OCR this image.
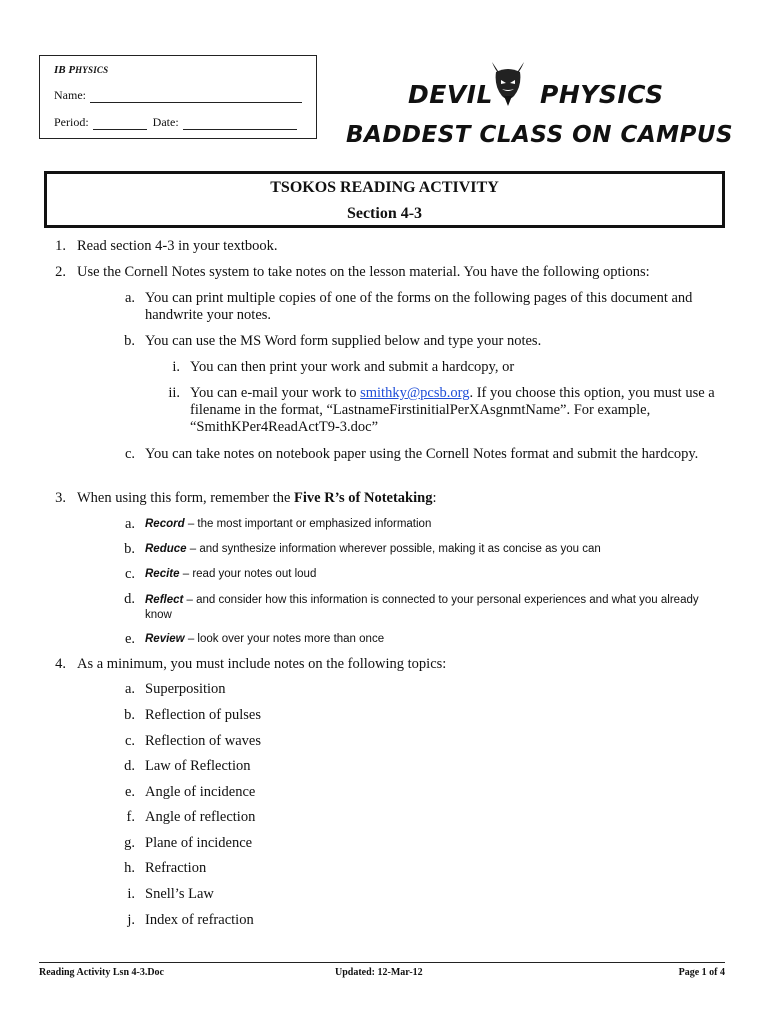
IB PHYSICS
Name:
Period:	Date:
DEVIL PHYSICS
BADDEST CLASS ON CAMPUS
TSOKOS READING ACTIVITY
Section 4-3
1. Read section 4-3 in your textbook.
2. Use the Cornell Notes system to take notes on the lesson material. You have the following options:
a. You can print multiple copies of one of the forms on the following pages of this document and handwrite your notes.
b. You can use the MS Word form supplied below and type your notes.
i. You can then print your work and submit a hardcopy, or
ii. You can e-mail your work to smithky@pcsb.org. If you choose this option, you must use a filename in the format, “LastnameFirstinitialPerXAsgnmtName”. For example, “SmithKPer4ReadActT9-3.doc”
c. You can take notes on notebook paper using the Cornell Notes format and submit the hardcopy.
3. When using this form, remember the Five R’s of Notetaking:
a. Record – the most important or emphasized information
b. Reduce – and synthesize information wherever possible, making it as concise as you can
c. Recite – read your notes out loud
d. Reflect – and consider how this information is connected to your personal experiences and what you already know
e. Review – look over your notes more than once
4. As a minimum, you must include notes on the following topics:
a. Superposition
b. Reflection of pulses
c. Reflection of waves
d. Law of Reflection
e. Angle of incidence
f. Angle of reflection
g. Plane of incidence
h. Refraction
i. Snell’s Law
j. Index of refraction
Reading Activity Lsn 4-3.Doc	Updated: 12-Mar-12	Page 1 of 4
